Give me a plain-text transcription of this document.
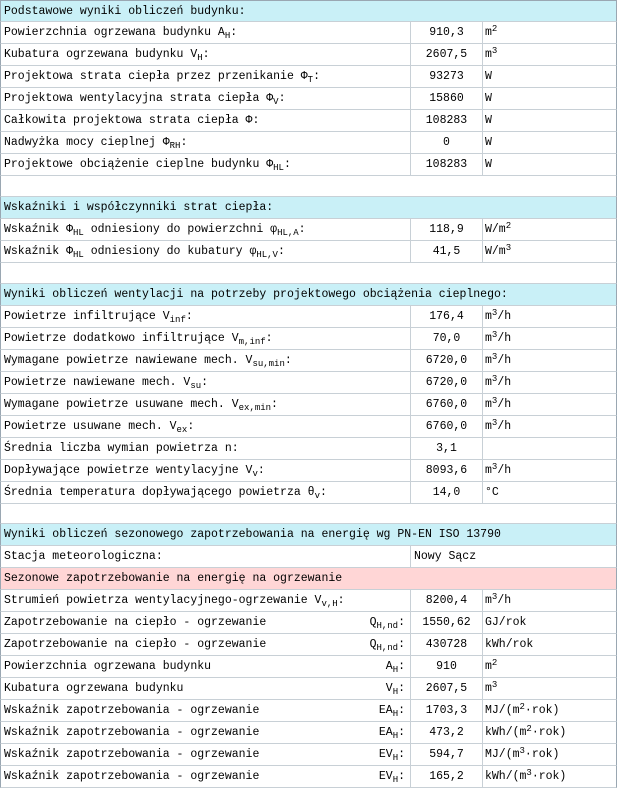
Podstawowe wyniki obliczeń budynku:
Powierzchnia ogrzewana budynku $A_H$:	910,3	$m^2$
Kubatura ogrzewana budynku $V_H$:	2607,5	$m^3$
Projektowa strata ciepła przez przenikanie $\Phi_T$:	93273	W
Projektowa wentylacyjna strata ciepła $\Phi_V$:	15860	W
Całkowita projektowa strata ciepła Φ:	108283	W
Nadwyżka mocy cieplnej $\Phi_{RH}$:	0	W
Projektowe obciążenie cieplne budynku $\Phi_{HL}$:	108283	W
Wskaźniki i współczynniki strat ciepła:
Wskaźnik $\Phi_{HL}$ odniesiony do powierzchni $\varphi_{HL,A}$:	118,9	$W/m^2$
Wskaźnik $\Phi_{HL}$ odniesiony do kubatury $\varphi_{HL,V}$:	41,5	$W/m^3$
Wyniki obliczeń wentylacji na potrzeby projektowego obciążenia cieplnego:
Powietrze infiltrujące $V_{inf}$:	176,4	$m^3/h$
Powietrze dodatkowo infiltrujące $V_{m,inf}$:	70,0	$m^3/h$
Wymagane powietrze nawiewane mech. $V_{su,min}$:	6720,0	$m^3/h$
Powietrze nawiewane mech. $V_{su}$:	6720,0	$m^3/h$
Wymagane powietrze usuwane mech. $V_{ex,min}$:	6760,0	$m^3/h$
Powietrze usuwane mech. $V_{ex}$:	6760,0	$m^3/h$
Średnia liczba wymian powietrza n:	3,1
Dopływające powietrze wentylacyjne $V_v$:	8093,6	$m^3/h$
Średnia temperatura dopływającego powietrza $\theta_v$:	14,0	°C
Wyniki obliczeń sezonowego zapotrzebowania na energię wg PN-EN ISO 13790
Stacja meteorologiczna:	Nowy Sącz
Sezonowe zapotrzebowanie na energię na ogrzewanie
Strumień powietrza wentylacyjnego-ogrzewanie $V_{v,H}$:	8200,4	$m^3/h$
Zapotrzebowanie na ciepło - ogrzewanie	$Q_{H,nd}$:	1550,62	GJ/rok
Zapotrzebowanie na ciepło - ogrzewanie	$Q_{H,nd}$:	430728	kWh/rok
Powierzchnia ogrzewana budynku	$A_H$:	910	$m^2$
Kubatura ogrzewana budynku	$V_H$:	2607,5	$m^3$
Wskaźnik zapotrzebowania - ogrzewanie	$EA_H$:	1703,3	$MJ/(m^2\cdot rok)$
Wskaźnik zapotrzebowania - ogrzewanie	$EA_H$:	473,2	kWh/$(m^2\cdot rok)$
Wskaźnik zapotrzebowania - ogrzewanie	$EV_H$:	594,7	$MJ/(m^3\cdot rok)$
Wskaźnik zapotrzebowania - ogrzewanie	$EV_H$:	165,2	kWh/$(m^3\cdot rok)$
